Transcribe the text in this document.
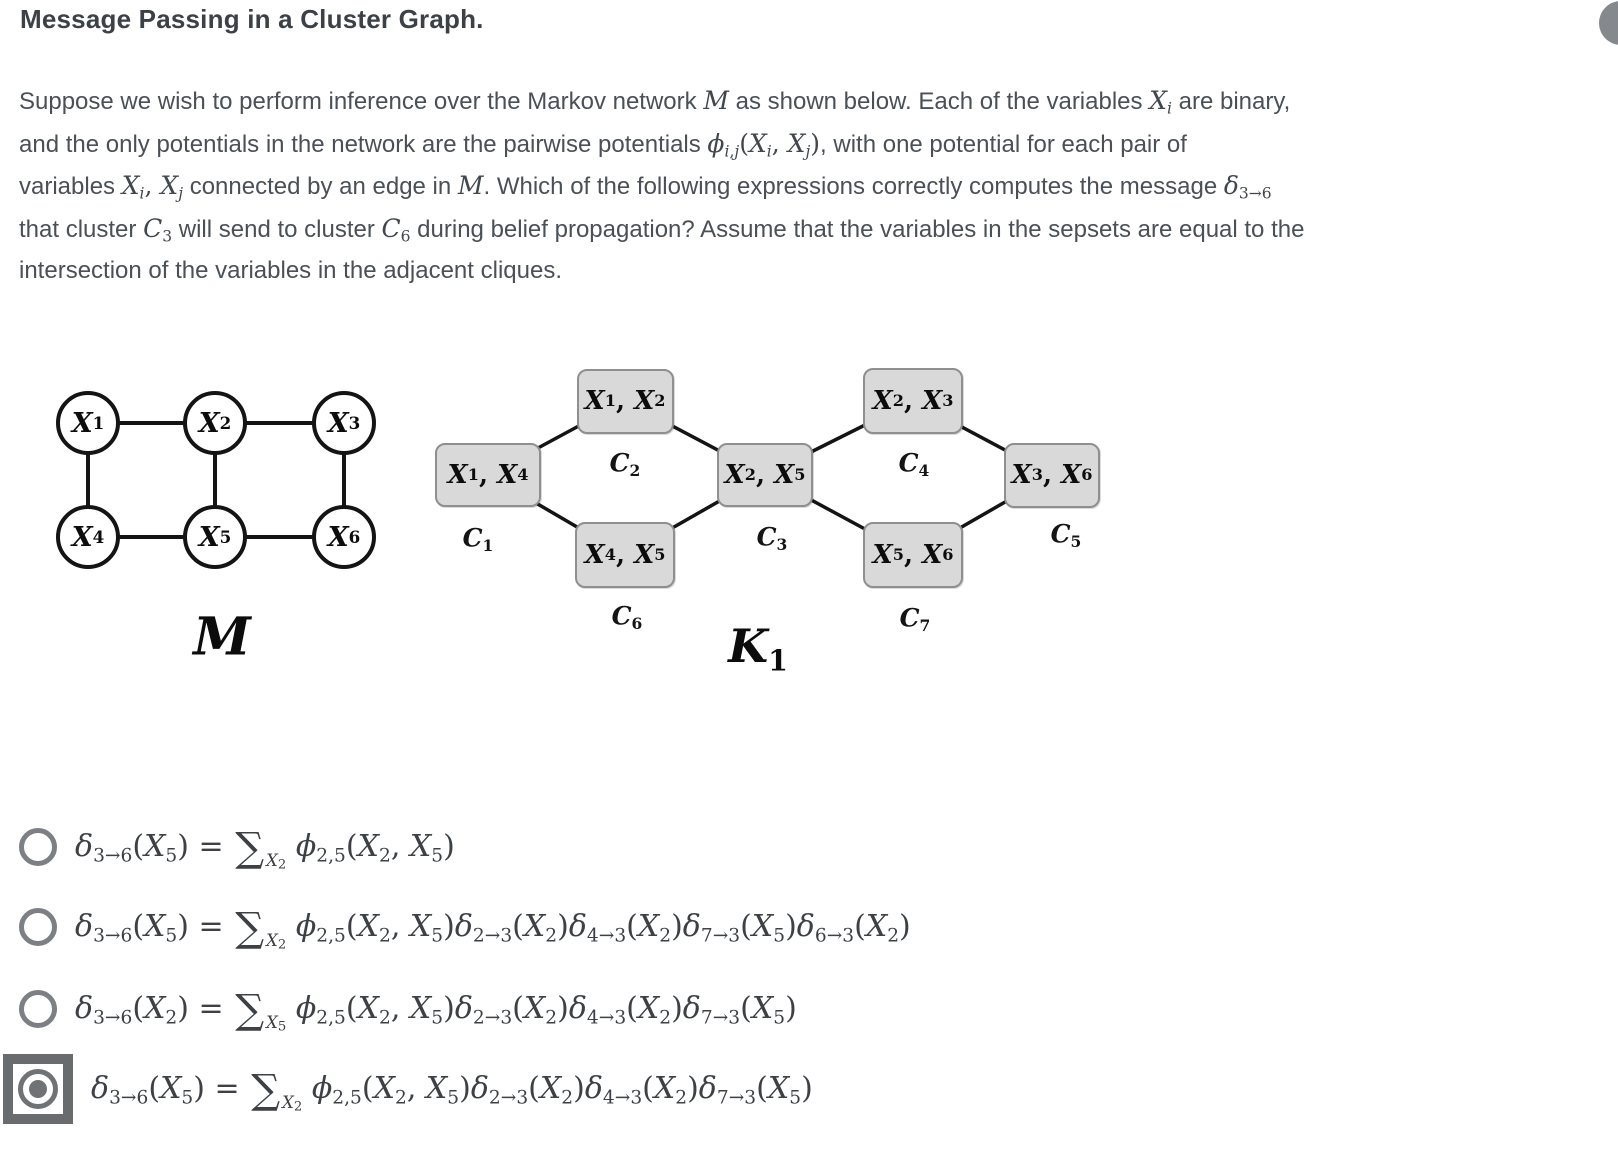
Message Passing in a Cluster Graph.
Suppose we wish to perform inference over the Markov network M as shown below. Each of the variables $X_i$ are binary,
and the only potentials in the network are the pairwise potentials $\phi_{i,j}(X_i$, $X_j$), with one potential for each pair of
variables $X_i$, $X_j$ connected by an edge in M. Which of the following expressions correctly computes the message $\delta_{3\to 6}$
that cluster $C_3$ will send to cluster $C_6$ during belief propagation? Assume that the variables in the sepsets are equal to the
intersection of the variables in the adjacent cliques.
X 1	X 2	X 3
X 4	X 5	X 6
X 1 ,
X 4
$C_1$
X 1 ,
X 2
$C_2$	X 2 ,
X 5
$C_3$
X 2 ,
X 3
$C_4$	X 3 ,
X 6
$C_5$
X 4 ,
X 5
$C_6$
X 5 ,
X 6
$C_7$
M	$K_1$
$\delta_{3\to 6}(X_5)$ = ∑ $_{X_2}$ $\phi_{2,5}(X_2$, $X_5$)
$\delta_{3\to 6}(X_5)$ = ∑ $_{X_2}$ $\phi_{2,5}(X_2$, $X_5)\delta_{2\to 3}(X_2)\delta_{4\to 3}(X_2)\delta_{7\to 3}(X_5)\delta_{6\to 3}(X_2)$
$\delta_{3\to 6}(X_2)$ = ∑ $_{X_5}$ $\phi_{2,5}(X_2$, $X_5)\delta_{2\to 3}(X_2)\delta_{4\to 3}(X_2)\delta_{7\to 3}(X_5)$
$\delta_{3\to 6}(X_5)$ = ∑ $_{X_2}$ $\phi_{2,5}(X_2$, $X_5)\delta_{2\to 3}(X_2)\delta_{4\to 3}(X_2)\delta_{7\to 3}(X_5)$
